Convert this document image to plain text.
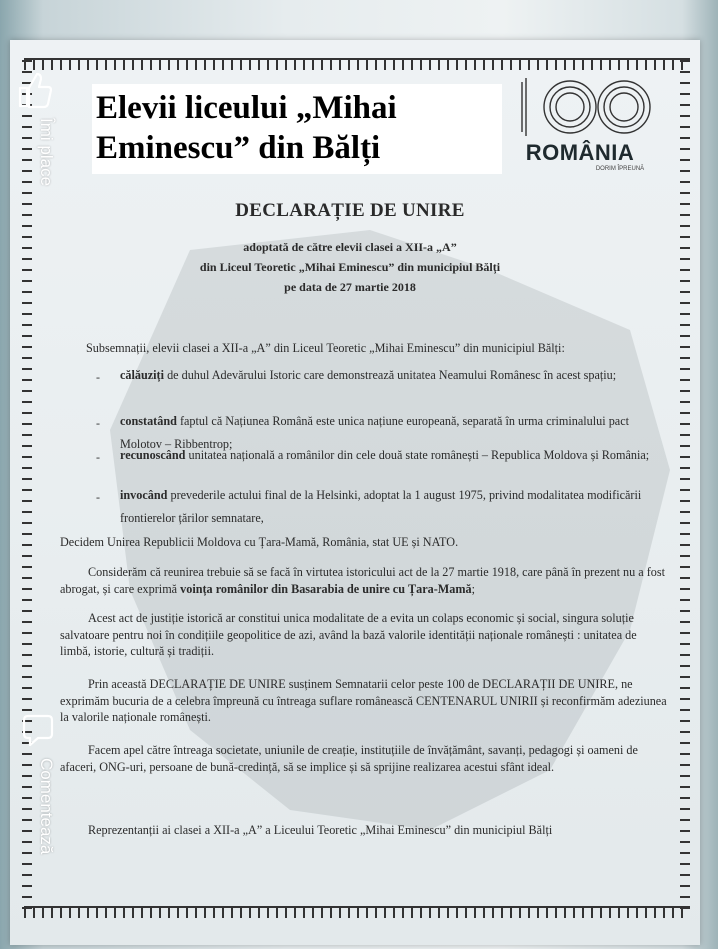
Elevii liceului „Mihai Eminescu” din Bălți	ROMÂNIA
DORIM ÎPREUNĂ
DECLARAȚIE DE UNIRE
adoptată de către elevii clasei a XII-a „A”
din Liceul Teoretic „Mihai Eminescu” din municipiul Bălți
pe data de 27 martie 2018
Subsemnații, elevii clasei a XII-a „A” din Liceul Teoretic „Mihai Eminescu” din municipiul Bălți:
-	călăuziți de duhul Adevărului Istoric care demonstrează unitatea Neamului Românesc în acest spațiu;
-	constatând faptul că Națiunea Română este unica națiune europeană, separată în urma criminalului pact Molotov – Ribbentrop;
-	recunoscând unitatea națională a românilor din cele două state românești – Republica Moldova și România;
-	invocând prevederile actului final de la Helsinki, adoptat la 1 august 1975, privind modalitatea modificării frontierelor țărilor semnatare,
Decidem Unirea Republicii Moldova cu Țara-Mamă, România, stat UE și NATO.
Considerăm că reunirea trebuie să se facă în virtutea istoricului act de la 27 martie 1918, care până în prezent nu a fost abrogat, și care exprimă voința românilor din Basarabia de unire cu Țara-Mamă;
Acest act de justiție istorică ar constitui unica modalitate de a evita un colaps economic și social, singura soluție salvatoare pentru noi în condițiile geopolitice de azi, având la bază valorile identității naționale românești : unitatea de limbă, istorie, cultură și tradiții.
Prin această DECLARAȚIE DE UNIRE susținem Semnatarii celor peste 100 de DECLARAȚII DE UNIRE, ne exprimăm bucuria de a celebra împreună cu întreaga suflare românească CENTENARUL UNIRII și reconfirmăm adeziunea la valorile naționale românești.
Facem apel către întreaga societate, uniunile de creație, instituțiile de învățământ, savanți, pedagogi și oameni de afaceri, ONG-uri, persoane de bună-credință, să se implice și să sprijine realizarea acestui sfânt ideal.
Reprezentanții ai clasei a XII-a „A” a Liceului Teoretic „Mihai Eminescu” din municipiul Bălți
Îmi place
Comentează
